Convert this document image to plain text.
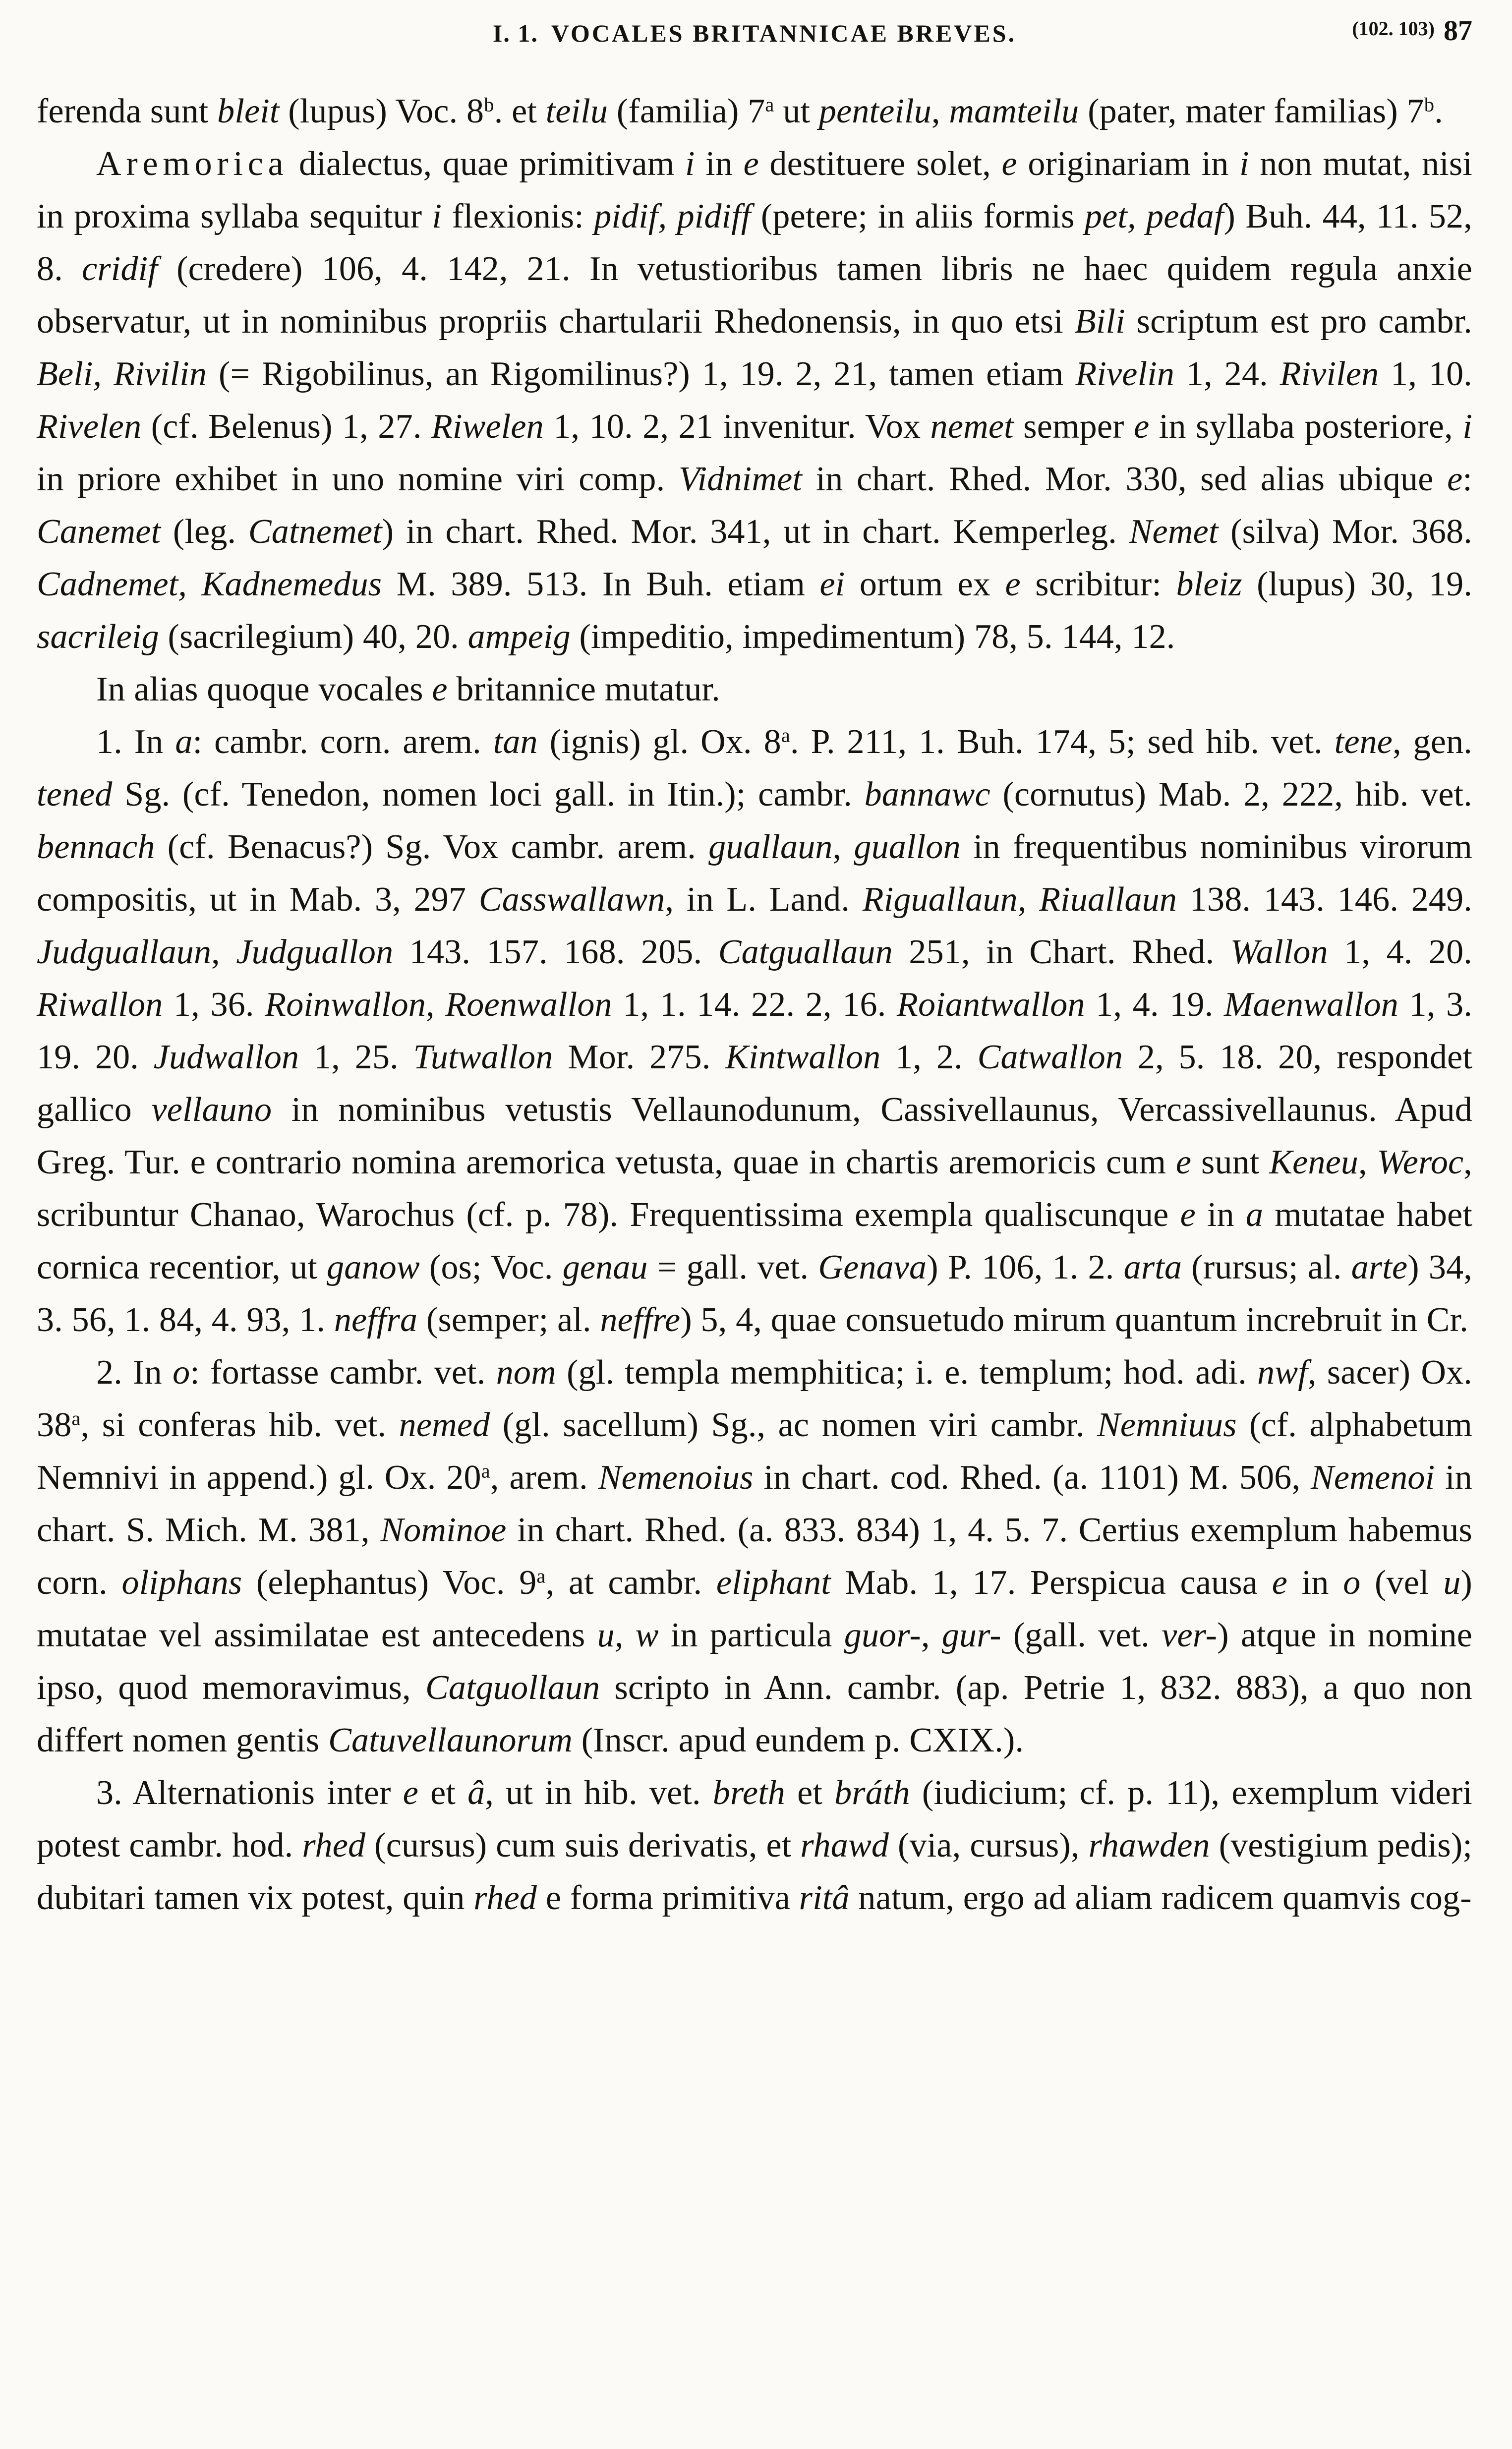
I. 1. VOCALES BRITANNICAE BREVES.	(102. 103) 87

ferenda sunt bleit (lupus) Voc. 8$^b$. et teilu (familia) 7$^a$ ut penteilu, mamteilu (pater, mater familias) 7$^b$.

Aremorica dialectus, quae primitivam i in e destituere solet, e originariam in i non mutat, nisi in proxima syllaba sequitur i flexionis: pidif, pidiff (petere; in aliis formis pet, pedaf) Buh. 44, 11. 52, 8. cridif (credere) 106, 4. 142, 21. In vetustioribus tamen libris ne haec quidem regula anxie observatur, ut in nominibus propriis chartularii Rhedonensis, in quo etsi Bili scriptum est pro cambr. Beli, Rivilin (= Rigobilinus, an Rigomilinus?) 1, 19. 2, 21, tamen etiam Rivelin 1, 24. Rivilen 1, 10. Rivelen (cf. Belenus) 1, 27. Riwelen 1, 10. 2, 21 invenitur. Vox nemet semper e in syllaba posteriore, i in priore exhibet in uno nomine viri comp. Vidnimet in chart. Rhed. Mor. 330, sed alias ubique e: Canemet (leg. Catnemet) in chart. Rhed. Mor. 341, ut in chart. Kemperleg. Nemet (silva) Mor. 368. Cadnemet, Kadnemedus M. 389. 513. In Buh. etiam ei ortum ex e scribitur: bleiz (lupus) 30, 19. sacrileig (sacrilegium) 40, 20. ampeig (impeditio, impedimentum) 78, 5. 144, 12.

In alias quoque vocales e britannice mutatur.

1. In a: cambr. corn. arem. tan (ignis) gl. Ox. 8$^a$. P. 211, 1. Buh. 174, 5; sed hib. vet. tene, gen. tened Sg. (cf. Tenedon, nomen loci gall. in Itin.); cambr. bannawc (cornutus) Mab. 2, 222, hib. vet. bennach (cf. Benacus?) Sg. Vox cambr. arem. guallaun, guallon in frequentibus nominibus virorum compositis, ut in Mab. 3, 297 Casswallawn, in L. Land. Riguallaun, Riuallaun 138. 143. 146. 249. Judguallaun, Judguallon 143. 157. 168. 205. Catguallaun 251, in Chart. Rhed. Wallon 1, 4. 20. Riwallon 1, 36. Roinwallon, Roenwallon 1, 1. 14. 22. 2, 16. Roiantwallon 1, 4. 19. Maenwallon 1, 3. 19. 20. Judwallon 1, 25. Tutwallon Mor. 275. Kintwallon 1, 2. Catwallon 2, 5. 18. 20, respondet gallico vellauno in nominibus vetustis Vellaunodunum, Cassivellaunus, Vercassivellaunus. Apud Greg. Tur. e contrario nomina aremorica vetusta, quae in chartis aremoricis cum e sunt Keneu, Weroc, scribuntur Chanao, Warochus (cf. p. 78). Frequentissima exempla qualiscunque e in a mutatae habet cornica recentior, ut ganow (os; Voc. genau = gall. vet. Genava) P. 106, 1. 2. arta (rursus; al. arte) 34, 3. 56, 1. 84, 4. 93, 1. neffra (semper; al. neffre) 5, 4, quae consuetudo mirum quantum increbruit in Cr.

2. In o: fortasse cambr. vet. nom (gl. templa memphitica; i. e. templum; hod. adi. nwf, sacer) Ox. 38$^a$, si conferas hib. vet. nemed (gl. sacellum) Sg., ac nomen viri cambr. Nemniuus (cf. alphabetum Nemnivi in append.) gl. Ox. 20$^a$, arem. Nemenoius in chart. cod. Rhed. (a. 1101) M. 506, Nemenoi in chart. S. Mich. M. 381, Nominoe in chart. Rhed. (a. 833. 834) 1, 4. 5. 7. Certius exemplum habemus corn. oliphans (elephantus) Voc. 9$^a$, at cambr. eliphant Mab. 1, 17. Perspicua causa e in o (vel u) mutatae vel assimilatae est antecedens u, w in particula guor-, gur- (gall. vet. ver-) atque in nomine ipso, quod memoravimus, Catguollaun scripto in Ann. cambr. (ap. Petrie 1, 832. 883), a quo non differt nomen gentis Catuvellaunorum (Inscr. apud eundem p. CXIX.).

3. Alternationis inter e et â, ut in hib. vet. breth et bráth (iudicium; cf. p. 11), exemplum videri potest cambr. hod. rhed (cursus) cum suis derivatis, et rhawd (via, cursus), rhawden (vestigium pedis); dubitari tamen vix potest, quin rhed e forma primitiva ritâ natum, ergo ad aliam radicem quamvis cog-
